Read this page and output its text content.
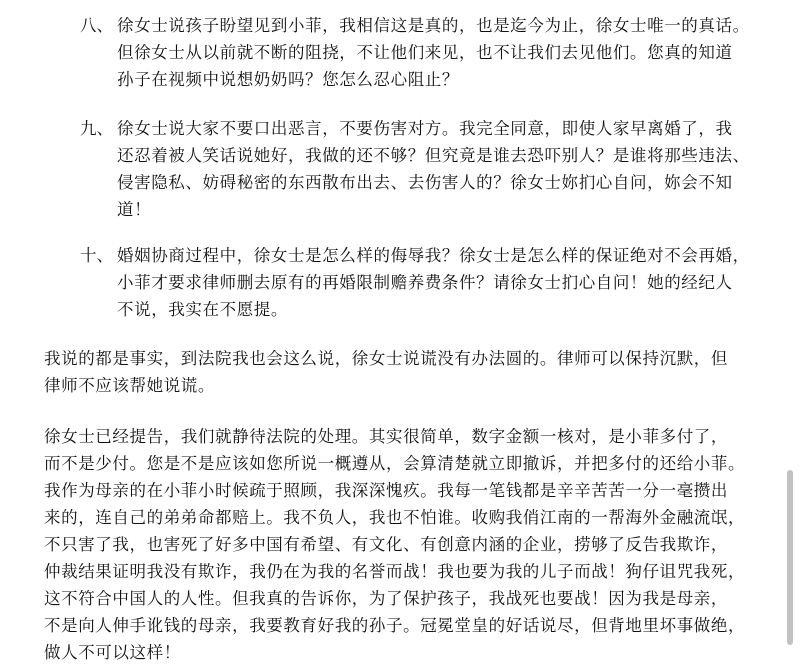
八、 徐女士说孩子盼望见到小菲，我相信这是真的，也是迄今为止，徐女士唯一的真话。
但徐女士从以前就不断的阻挠，不让他们来见，也不让我们去见他们。您真的知道
孙子在视频中说想奶奶吗？您怎么忍心阻止？
九、 徐女士说大家不要口出恶言，不要伤害对方。我完全同意，即使人家早离婚了，我
还忍着被人笑话说她好，我做的还不够？但究竟是谁去恐吓别人？是谁将那些违法、
侵害隐私、妨碍秘密的东西散布出去、去伤害人的？徐女士妳扪心自问，妳会不知
道！
十、 婚姻协商过程中，徐女士是怎么样的侮辱我？徐女士是怎么样的保证绝对不会再婚，
小菲才要求律师删去原有的再婚限制赡养费条件？请徐女士扪心自问！她的经纪人
不说，我实在不愿提。
我说的都是事实，到法院我也会这么说，徐女士说谎没有办法圆的。律师可以保持沉默，但
律师不应该帮她说谎。
徐女士已经提告，我们就静待法院的处理。其实很简单，数字金额一核对，是小菲多付了，
而不是少付。您是不是应该如您所说一概遵从，会算清楚就立即撤诉，并把多付的还给小菲。
我作为母亲的在小菲小时候疏于照顾，我深深愧疚。我每一笔钱都是辛辛苦苦一分一毫攒出
来的，连自己的弟弟命都赔上。我不负人，我也不怕谁。收购我俏江南的一帮海外金融流氓，
不只害了我，也害死了好多中国有希望、有文化、有创意内涵的企业，捞够了反告我欺诈，
仲裁结果证明我没有欺诈，我仍在为我的名誉而战！我也要为我的儿子而战！狗仔诅咒我死，
这不符合中国人的人性。但我真的告诉你，为了保护孩子，我战死也要战！因为我是母亲，
不是向人伸手讹钱的母亲，我要教育好我的孙子。冠冕堂皇的好话说尽，但背地里坏事做绝，
做人不可以这样！
